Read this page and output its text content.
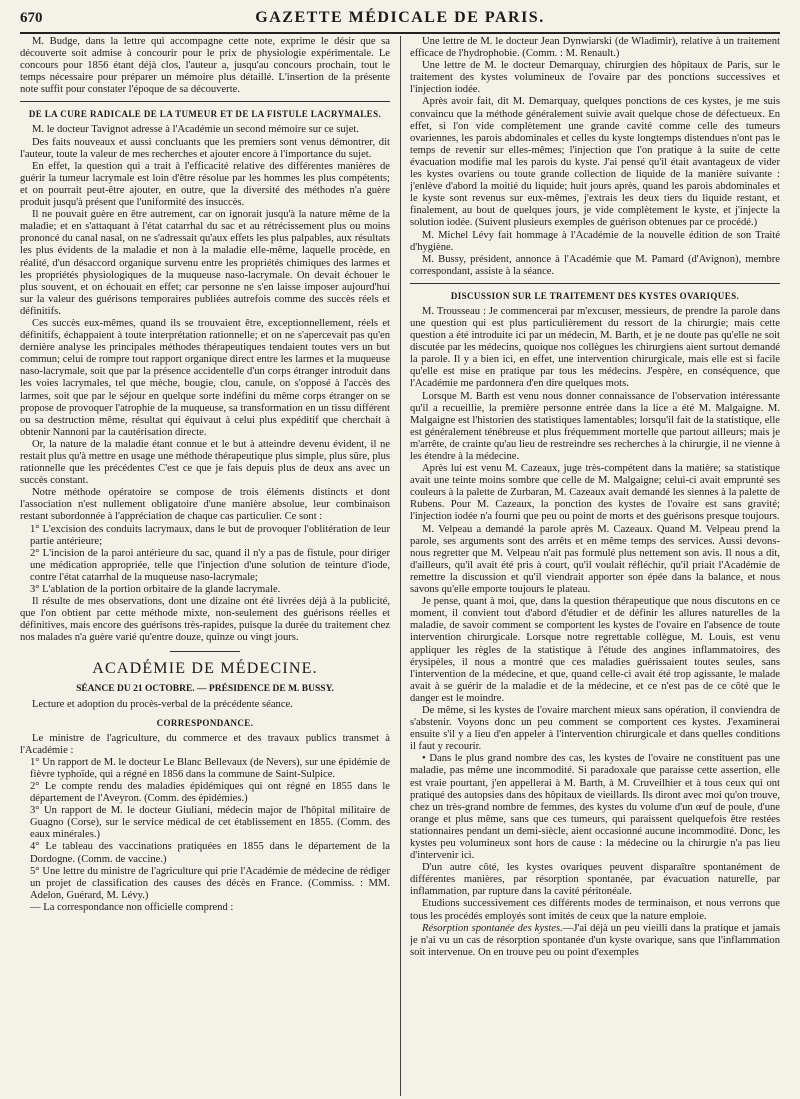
670	GAZETTE MÉDICALE DE PARIS.

M. Budge, dans la lettre qui accompagne cette note, exprime le désir que sa découverte soit admise à concourir pour le prix de physiologie expérimentale. Le concours pour 1856 étant déjà clos, l'auteur a, jusqu'au concours prochain, tout le temps nécessaire pour préparer un mémoire plus détaillé. L'insertion de la présente note suffit pour constater l'époque de sa découverte.

DE LA CURE RADICALE DE LA TUMEUR ET DE LA FISTULE LACRYMALES.

M. le docteur Tavignot adresse à l'Académie un second mémoire sur ce sujet.

Des faits nouveaux et aussi concluants que les premiers sont venus démontrer, dit l'auteur, toute la valeur de mes recherches et ajouter encore à l'importance du sujet.

En effet, la question qui a trait à l'efficacité relative des différentes manières de guérir la tumeur lacrymale est loin d'être résolue par les hommes les plus compétents; et on pourrait peut-être ajouter, en outre, que la diversité des méthodes n'a guère produit jusqu'à présent que l'uniformité des insuccès.

Il ne pouvait guère en être autrement, car on ignorait jusqu'à la nature même de la maladie; et en s'attaquant à l'état catarrhal du sac et au rétrécissement plus ou moins prononcé du canal nasal, on ne s'adressait qu'aux effets les plus palpables, aux résultats les plus évidents de la maladie et non à la maladie elle-même, laquelle procède, en réalité, d'un désaccord organique survenu entre les propriétés chimiques des larmes et les propriétés physiologiques de la muqueuse naso-lacrymale. On devait échouer le plus souvent, et on échouait en effet; car personne ne s'en laisse imposer aujourd'hui sur la valeur des guérisons temporaires publiées autrefois comme des succès réels et définitifs.

Ces succès eux-mêmes, quand ils se trouvaient être, exceptionnellement, réels et définitifs, échappaient à toute interprétation rationnelle; et on ne s'apercevait pas qu'en dernière analyse les principales méthodes thérapeutiques tendaient toutes vers un but commun; celui de rompre tout rapport organique direct entre les larmes et la muqueuse naso-lacrymale, soit que par la présence accidentelle d'un corps étranger introduit dans les voies lacrymales, tel que mèche, bougie, clou, canule, on s'opposé à l'accès des larmes, soit que par le séjour en quelque sorte indéfini du même corps étranger on se propose de provoquer l'atrophie de la muqueuse, sa transformation en un tissu différent ou sa destruction même, résultat qui équivaut à celui plus expéditif que cherchait à obtenir Nannoni par la cautérisation directe.

Or, la nature de la maladie étant connue et le but à atteindre devenu évident, il ne restait plus qu'à mettre en usage une méthode thérapeutique plus simple, plus sûre, plus rationnelle que les précédentes C'est ce que je fais depuis plus de deux ans avec un succès constant.

Notre méthode opératoire se compose de trois éléments distincts et dont l'association n'est nullement obligatoire d'une manière absolue, leur combinaison restant subordonnée à l'appréciation de chaque cas particulier. Ce sont :

1° L'excision des conduits lacrymaux, dans le but de provoquer l'oblitération de leur partie antérieure;

2° L'incision de la paroi antérieure du sac, quand il n'y a pas de fistule, pour diriger une médication appropriée, telle que l'injection d'une solution de teinture d'iode, contre l'état catarrhal de la muqueuse naso-lacrymale;

3° L'ablation de la portion orbitaire de la glande lacrymale.

Il résulte de mes observations, dont une dizaine ont été livrées déjà à la publicité, que l'on obtient par cette méthode mixte, non-seulement des guérisons réelles et définitives, mais encore des guérisons très-rapides, puisque la durée du traitement chez nos malades n'a guère varié qu'entre douze, quinze ou vingt jours.

ACADÉMIE DE MÉDECINE.
SÉANCE DU 21 OCTOBRE. — PRÉSIDENCE DE M. BUSSY.

Lecture et adoption du procès-verbal de la précédente séance.

CORRESPONDANCE.

Le ministre de l'agriculture, du commerce et des travaux publics transmet à l'Académie :

1° Un rapport de M. le docteur Le Blanc Bellevaux (de Nevers), sur une épidémie de fièvre typhoïde, qui a régné en 1856 dans la commune de Saint-Sulpice.

2° Le compte rendu des maladies épidémiques qui ont régné en 1855 dans le département de l'Aveyron. (Comm. des épidémies.)

3° Un rapport de M. le docteur Giuliani, médecin major de l'hôpital militaire de Guagno (Corse), sur le service médical de cet établissement en 1855. (Comm. des eaux minérales.)

4° Le tableau des vaccinations pratiquées en 1855 dans le département de la Dordogne. (Comm. de vaccine.)

5° Une lettre du ministre de l'agriculture qui prie l'Académie de médecine de rédiger un projet de classification des causes des décès en France. (Commiss. : MM. Adelon, Guérard, M. Lévy.)

— La correspondance non officielle comprend :

Une lettre de M. le docteur Jean Dynwiarski (de Wladimir), relative à un traitement efficace de l'hydrophobie. (Comm. : M. Renault.)

Une lettre de M. le docteur Demarquay, chirurgien des hôpitaux de Paris, sur le traitement des kystes volumineux de l'ovaire par des ponctions successives et l'injection iodée.

Après avoir fait, dit M. Demarquay, quelques ponctions de ces kystes, je me suis convaincu que la méthode généralement suivie avait quelque chose de défectueux. En effet, si l'on vide complètement une grande cavité comme celle des tumeurs ovariennes, les parois abdominales et celles du kyste longtemps distendues n'ont pas le temps de revenir sur elles-mêmes; l'injection que l'on pratique à la suite de cette évacuation modifie mal les parois du kyste. J'ai pensé qu'il était avantageux de vider les kystes ovariens ou toute grande collection de liquide de la manière suivante : j'enlève d'abord la moitié du liquide; huit jours après, quand les parois abdominales et le kyste sont revenus sur eux-mêmes, j'extrais les deux tiers du liquide restant, et finalement, au bout de quelques jours, je vide complètement le kyste, et j'injecte la solution iodée. (Suivent plusieurs exemples de guérison obtenues par ce procédé.)

M. Michel Lévy fait hommage à l'Académie de la nouvelle édition de son Traité d'hygiène.

M. Bussy, président, annonce à l'Académie que M. Pamard (d'Avignon), membre correspondant, assiste à la séance.

DISCUSSION SUR LE TRAITEMENT DES KYSTES OVARIQUES.

M. Trousseau : Je commencerai par m'excuser, messieurs, de prendre la parole dans une question qui est plus particulièrement du ressort de la chirurgie; mais cette question a été introduite ici par un médecin, M. Barth, et je ne doute pas qu'elle ne soit discutée par les médecins, quoique nos collègues les chirurgiens aient surtout demandé la parole. Il y a bien ici, en effet, une intervention chirurgicale, mais elle est si facile qu'elle est mise en pratique par tous les médecins. J'espère, en conséquence, que l'Académie me pardonnera d'en dire quelques mots.

Lorsque M. Barth est venu nous donner connaissance de l'observation intéressante qu'il a recueillie, la première personne entrée dans la lice a été M. Malgaigne. M. Malgaigne est l'historien des statistiques lamentables; lorsqu'il fait de la statistique, elle est généralement ténébreuse et plus fréquemment mortelle que partout ailleurs; mais je m'arrête, de crainte qu'au lieu de restreindre ses recherches à la chirurgie, il ne vienne à les étendre à la médecine.

Après lui est venu M. Cazeaux, juge très-compétent dans la matière; sa statistique avait une teinte moins sombre que celle de M. Malgaigne; celui-ci avait emprunté ses couleurs à la palette de Zurbaran, M. Cazeaux avait demandé les siennes à la palette de Rubens. Pour M. Cazeaux, la ponction des kystes de l'ovaire est sans gravité; l'injection iodée n'a fourni que peu ou point de morts et des guérisons presque toujours.

M. Velpeau a demandé la parole après M. Cazeaux. Quand M. Velpeau prend la parole, ses arguments sont des arrêts et en même temps des services. Aussi devons-nous regretter que M. Velpeau n'ait pas formulé plus nettement son avis. Il nous a dit, d'ailleurs, qu'il avait été pris à court, qu'il voulait réfléchir, qu'il priait l'Académie de remettre la discussion et qu'il viendrait apporter son épée dans la balance, et nous savons qu'elle emporte toujours le plateau.

Je pense, quant à moi, que, dans la question thérapeutique que nous discutons en ce moment, il convient tout d'abord d'étudier et de définir les allures naturelles de la maladie, de savoir comment se comportent les kystes de l'ovaire en l'absence de toute intervention chirurgicale. Lorsque notre regrettable collègue, M. Louis, est venu appliquer les règles de la statistique à l'étude des angines inflammatoires, des érysipèles, il nous a montré que ces maladies guérissaient toutes seules, sans l'intervention de la médecine, et que, quand celle-ci avait été trop agissante, le malade avait à se guérir de la maladie et de la médecine, et ce n'est pas de ce côté que le danger est le moindre.

De même, si les kystes de l'ovaire marchent mieux sans opération, il conviendra de s'abstenir. Voyons donc un peu comment se comportent ces kystes. J'examinerai ensuite s'il y a lieu d'en appeler à l'intervention chirurgicale et dans quelles conditions il faut y recourir.

• Dans le plus grand nombre des cas, les kystes de l'ovaire ne constituent pas une maladie, pas même une incommodité. Si paradoxale que paraisse cette assertion, elle est vraie pourtant, j'en appellerai à M. Barth, à M. Cruveilhier et à tous ceux qui ont pratiqué des autopsies dans des hôpitaux de vieillards. Ils diront avec moi qu'on trouve, chez un très-grand nombre de femmes, des kystes du volume d'un œuf de poule, d'une orange et plus même, sans que ces tumeurs, qui paraissent quelquefois être restées stationnaires pendant un demi-siècle, aient occasionné aucune incommodité. Donc, les kystes peu volumineux sont hors de cause : la médecine ou la chirurgie n'a pas lieu d'intervenir ici.

D'un autre côté, les kystes ovariques peuvent disparaître spontanément de différentes manières, par résorption spontanée, par évacuation naturelle, par inflammation, par rupture dans la cavité péritonéale.

Etudions successivement ces différents modes de terminaison, et nous verrons que tous les procédés employés sont imités de ceux que la nature emploie.

Résorption spontanée des kystes.—J'ai déjà un peu vieilli dans la pratique et jamais je n'ai vu un cas de résorption spontanée d'un kyste ovarique, sans que l'inflammation soit intervenue. On en trouve peu ou point d'exemples
